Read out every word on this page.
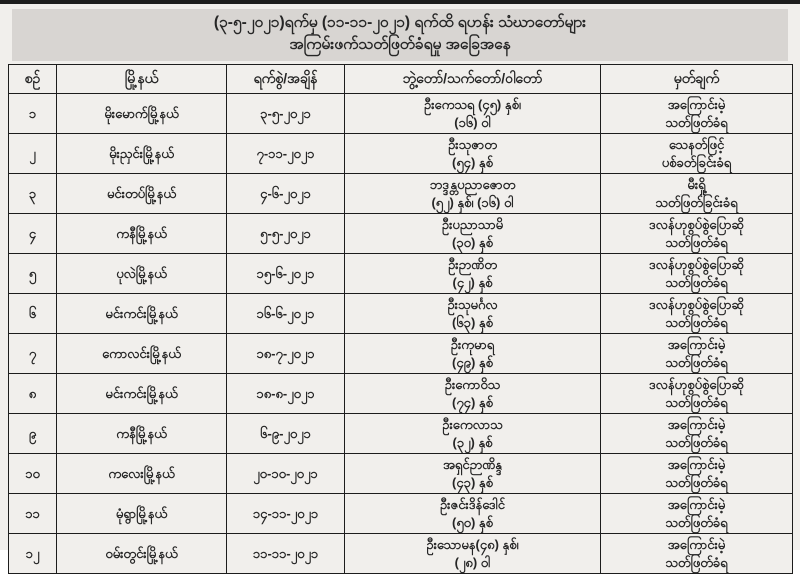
(၃-၅-၂၀၂၁)ရက်မှ (၁၁-၁၁-၂၀၂၁) ရက်ထိ ရဟန်း သံဃာတော်များ
အကြမ်းဖက်သတ်ဖြတ်ခံရမှု အခြေအနေ
စဉ်	မြို့နယ်	ရက်စွဲ/အချိန်	ဘွဲ့တော်/သက်တော်/ဝါတော်	မှတ်ချက်
၁	မိုးမောက်မြို့နယ်	၃-၅-၂၀၂၁	ဦးကေသရ (၄၅) နှစ်၊
(၁၆) ဝါ	အကြောင်းမဲ့
သတ်ဖြတ်ခံရ

၂	မိုးညှင်းမြို့နယ်	၇-၁၁-၂၀၂၁	ဦးသုဇာတ
(၅၄) နှစ်	သေနတ်ဖြင့်
ပစ်ခတ်ခြင်းခံရ

၃	မင်းတပ်မြို့နယ်	၄-၆-၂၀၂၁	ဘဒ္ဒန္တပညာဇောတ
(၅၂) နှစ်၊ (၁၆) ဝါ	မီးရှို့
သတ်ဖြတ်ခြင်းခံရ

၄	ကနီမြို့နယ်	၅-၅-၂၀၂၁	ဦးပညာသာမိ
(၃၀) နှစ်	ဒလန်ဟုစွပ်စွဲပြောဆို
သတ်ဖြတ်ခံရ

၅	ပုလဲမြို့နယ်	၁၅-၆-၂၀၂၁	ဦးဉာဏိတ
(၄၂) နှစ်	ဒလန်ဟုစွပ်စွဲပြောဆို
သတ်ဖြတ်ခံရ

၆	မင်းကင်းမြို့နယ်	၁၆-၆-၂၀၂၁	ဦးသုမင်္ဂလ
(၆၃) နှစ်	ဒလန်ဟုစွပ်စွဲပြောဆို
သတ်ဖြတ်ခံရ

၇	ကောလင်းမြို့နယ်	၁၈-၇-၂၀၂၁	ဦးကုမာရ
(၄၉) နှစ်	အကြောင်းမဲ့
သတ်ဖြတ်ခံရ

၈	မင်းကင်းမြို့နယ်	၁၈-၈-၂၀၂၁	ဦးကောဝိသ
(၇၄) နှစ်	ဒလန်ဟုစွပ်စွဲပြောဆို
သတ်ဖြတ်ခံရ

၉	ကနီမြို့နယ်	၆-၉-၂၀၂၁	ဦးကေလာသ
(၃၂) နှစ်	အကြောင်းမဲ့
သတ်ဖြတ်ခံရ

၁၀	ကလေးမြို့နယ်	၂၀-၁၀-၂၀၂၁	အရှင်ဉာဏိန္ဒ
(၄၃) နှစ်	အကြောင်းမဲ့
သတ်ဖြတ်ခံရ

၁၁	မုံရွာမြို့နယ်	၁၄-၁၁-၂၀၂၁	ဦးဇင်းဒိန်ဒေါင်
(၅၀) နှစ်	အကြောင်းမဲ့
သတ်ဖြတ်ခံရ

၁၂	ဝမ်းတွင်းမြို့နယ်	၁၁-၁၁-၂၀၂၁	ဦးသောမန(၄၈) နှစ်၊
(၂၈) ဝါ	အကြောင်းမဲ့
သတ်ဖြတ်ခံရ
